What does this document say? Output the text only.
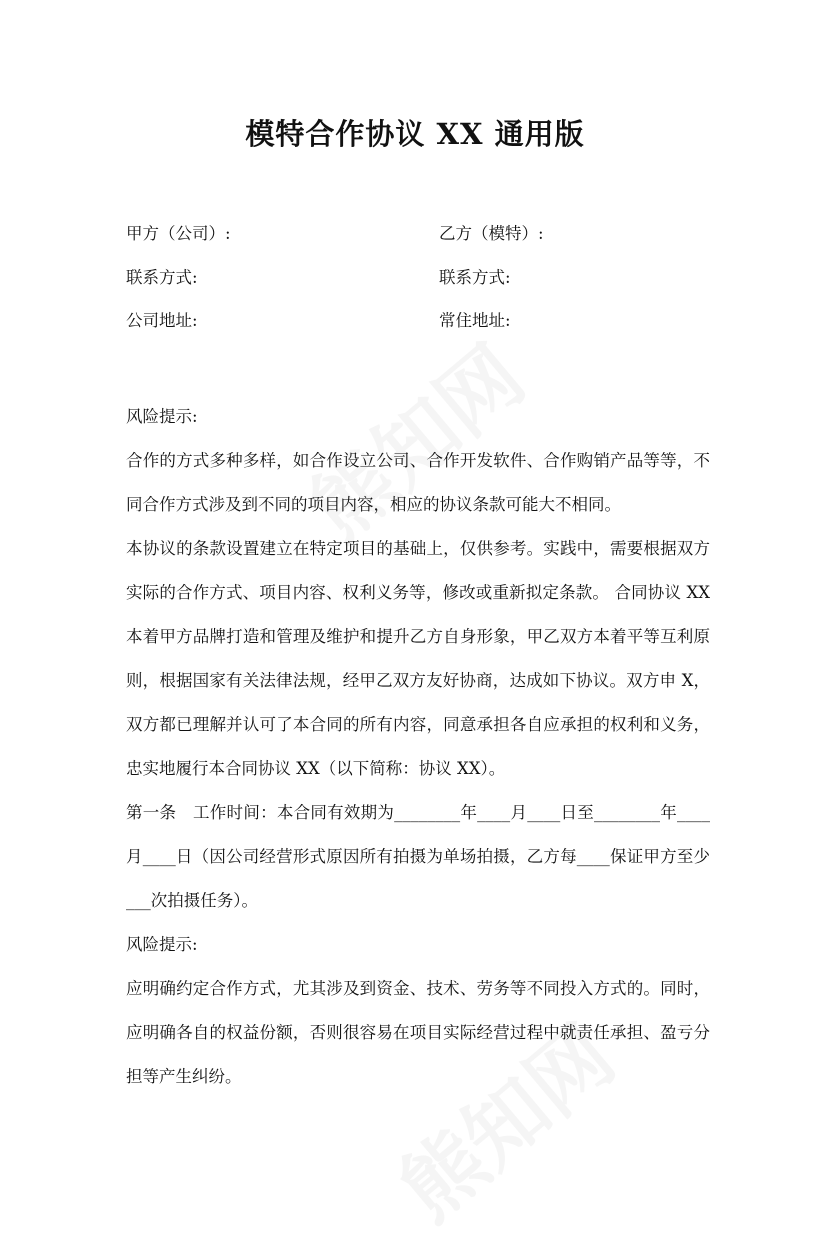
模特合作协议 XX 通用版
甲方（公司）:	乙方（模特）:
联系方式:	联系方式:
公司地址:	常住地址:

风险提示:

合作的方式多种多样，如合作设立公司、合作开发软件、合作购销产品等等，不同合作方式涉及到不同的项目内容，相应的协议条款可能大不相同。

本协议的条款设置建立在特定项目的基础上，仅供参考。实践中，需要根据双方实际的合作方式、项目内容、权利义务等，修改或重新拟定条款。 合同协议 XX 本着甲方品牌打造和管理及维护和提升乙方自身形象，甲乙双方本着平等互利原则，根据国家有关法律法规，经甲乙双方友好协商，达成如下协议。双方申 X，双方都已理解并认可了本合同的所有内容，同意承担各自应承担的权利和义务，忠实地履行本合同协议 XX（以下简称：协议 XX）。

第一条　工作时间：本合同有效期为________年____月____日至________年____月____日（因公司经营形式原因所有拍摄为单场拍摄，乙方每____保证甲方至少___次拍摄任务）。

风险提示:

应明确约定合作方式，尤其涉及到资金、技术、劳务等不同投入方式的。同时，应明确各自的权益份额，否则很容易在项目实际经营过程中就责任承担、盈亏分担等产生纠纷。
